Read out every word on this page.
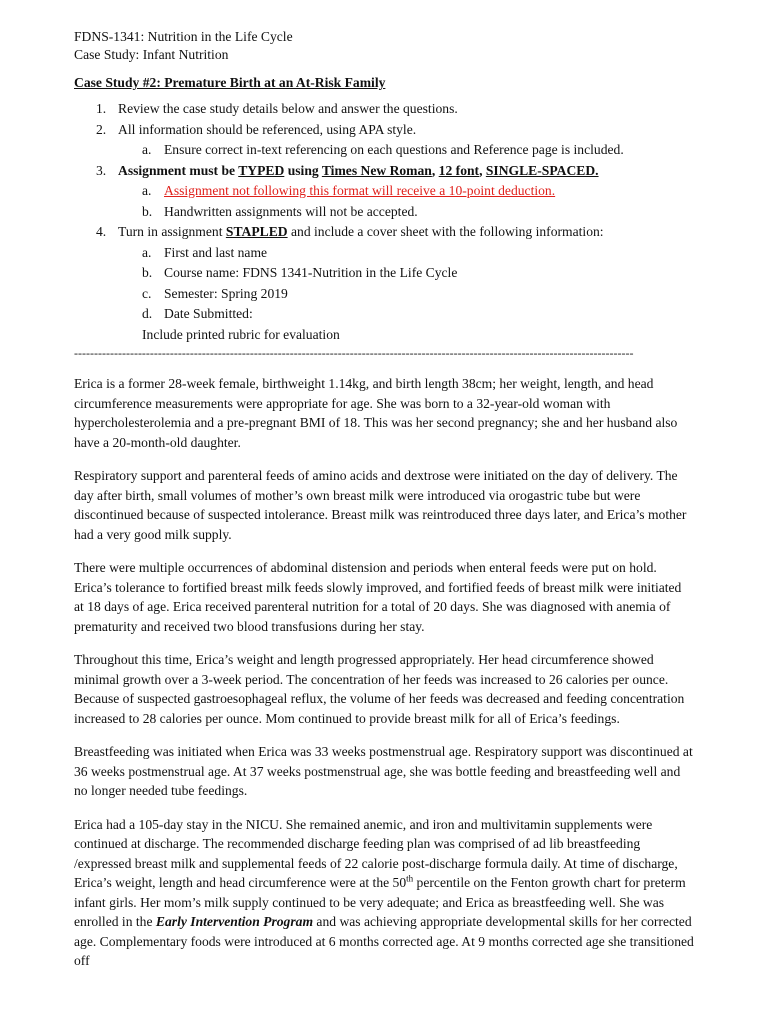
FDNS-1341: Nutrition in the Life Cycle
Case Study: Infant Nutrition
Case Study #2: Premature Birth at an At-Risk Family
1. Review the case study details below and answer the questions.
2. All information should be referenced, using APA style.
a. Ensure correct in-text referencing on each questions and Reference page is included.
3. Assignment must be TYPED using Times New Roman, 12 font, SINGLE-SPACED.
a. Assignment not following this format will receive a 10-point deduction.
b. Handwritten assignments will not be accepted.
4. Turn in assignment STAPLED and include a cover sheet with the following information:
a. First and last name
b. Course name: FDNS 1341-Nutrition in the Life Cycle
c. Semester: Spring 2019
d. Date Submitted:
Include printed rubric for evaluation
--------------------------------------------------------------------------------------------------------------------------------------------

Erica is a former 28-week female, birthweight 1.14kg, and birth length 38cm; her weight, length, and head circumference measurements were appropriate for age. She was born to a 32-year-old woman with hypercholesterolemia and a pre-pregnant BMI of 18. This was her second pregnancy; she and her husband also have a 20-month-old daughter.

Respiratory support and parenteral feeds of amino acids and dextrose were initiated on the day of delivery. The day after birth, small volumes of mother’s own breast milk were introduced via orogastric tube but were discontinued because of suspected intolerance. Breast milk was reintroduced three days later, and Erica’s mother had a very good milk supply.

There were multiple occurrences of abdominal distension and periods when enteral feeds were put on hold. Erica’s tolerance to fortified breast milk feeds slowly improved, and fortified feeds of breast milk were initiated at 18 days of age. Erica received parenteral nutrition for a total of 20 days. She was diagnosed with anemia of prematurity and received two blood transfusions during her stay.

Throughout this time, Erica’s weight and length progressed appropriately. Her head circumference showed minimal growth over a 3-week period. The concentration of her feeds was increased to 26 calories per ounce. Because of suspected gastroesophageal reflux, the volume of her feeds was decreased and feeding concentration increased to 28 calories per ounce. Mom continued to provide breast milk for all of Erica’s feedings.

Breastfeeding was initiated when Erica was 33 weeks postmenstrual age. Respiratory support was discontinued at 36 weeks postmenstrual age. At 37 weeks postmenstrual age, she was bottle feeding and breastfeeding well and no longer needed tube feedings.

Erica had a 105-day stay in the NICU. She remained anemic, and iron and multivitamin supplements were continued at discharge. The recommended discharge feeding plan was comprised of ad lib breastfeeding /expressed breast milk and supplemental feeds of 22 calorie post-discharge formula daily. At time of discharge, Erica’s weight, length and head circumference were at the 50th percentile on the Fenton growth chart for preterm infant girls. Her mom’s milk supply continued to be very adequate; and Erica as breastfeeding well. She was enrolled in the Early Intervention Program and was achieving appropriate developmental skills for her corrected age. Complementary foods were introduced at 6 months corrected age. At 9 months corrected age she transitioned off
